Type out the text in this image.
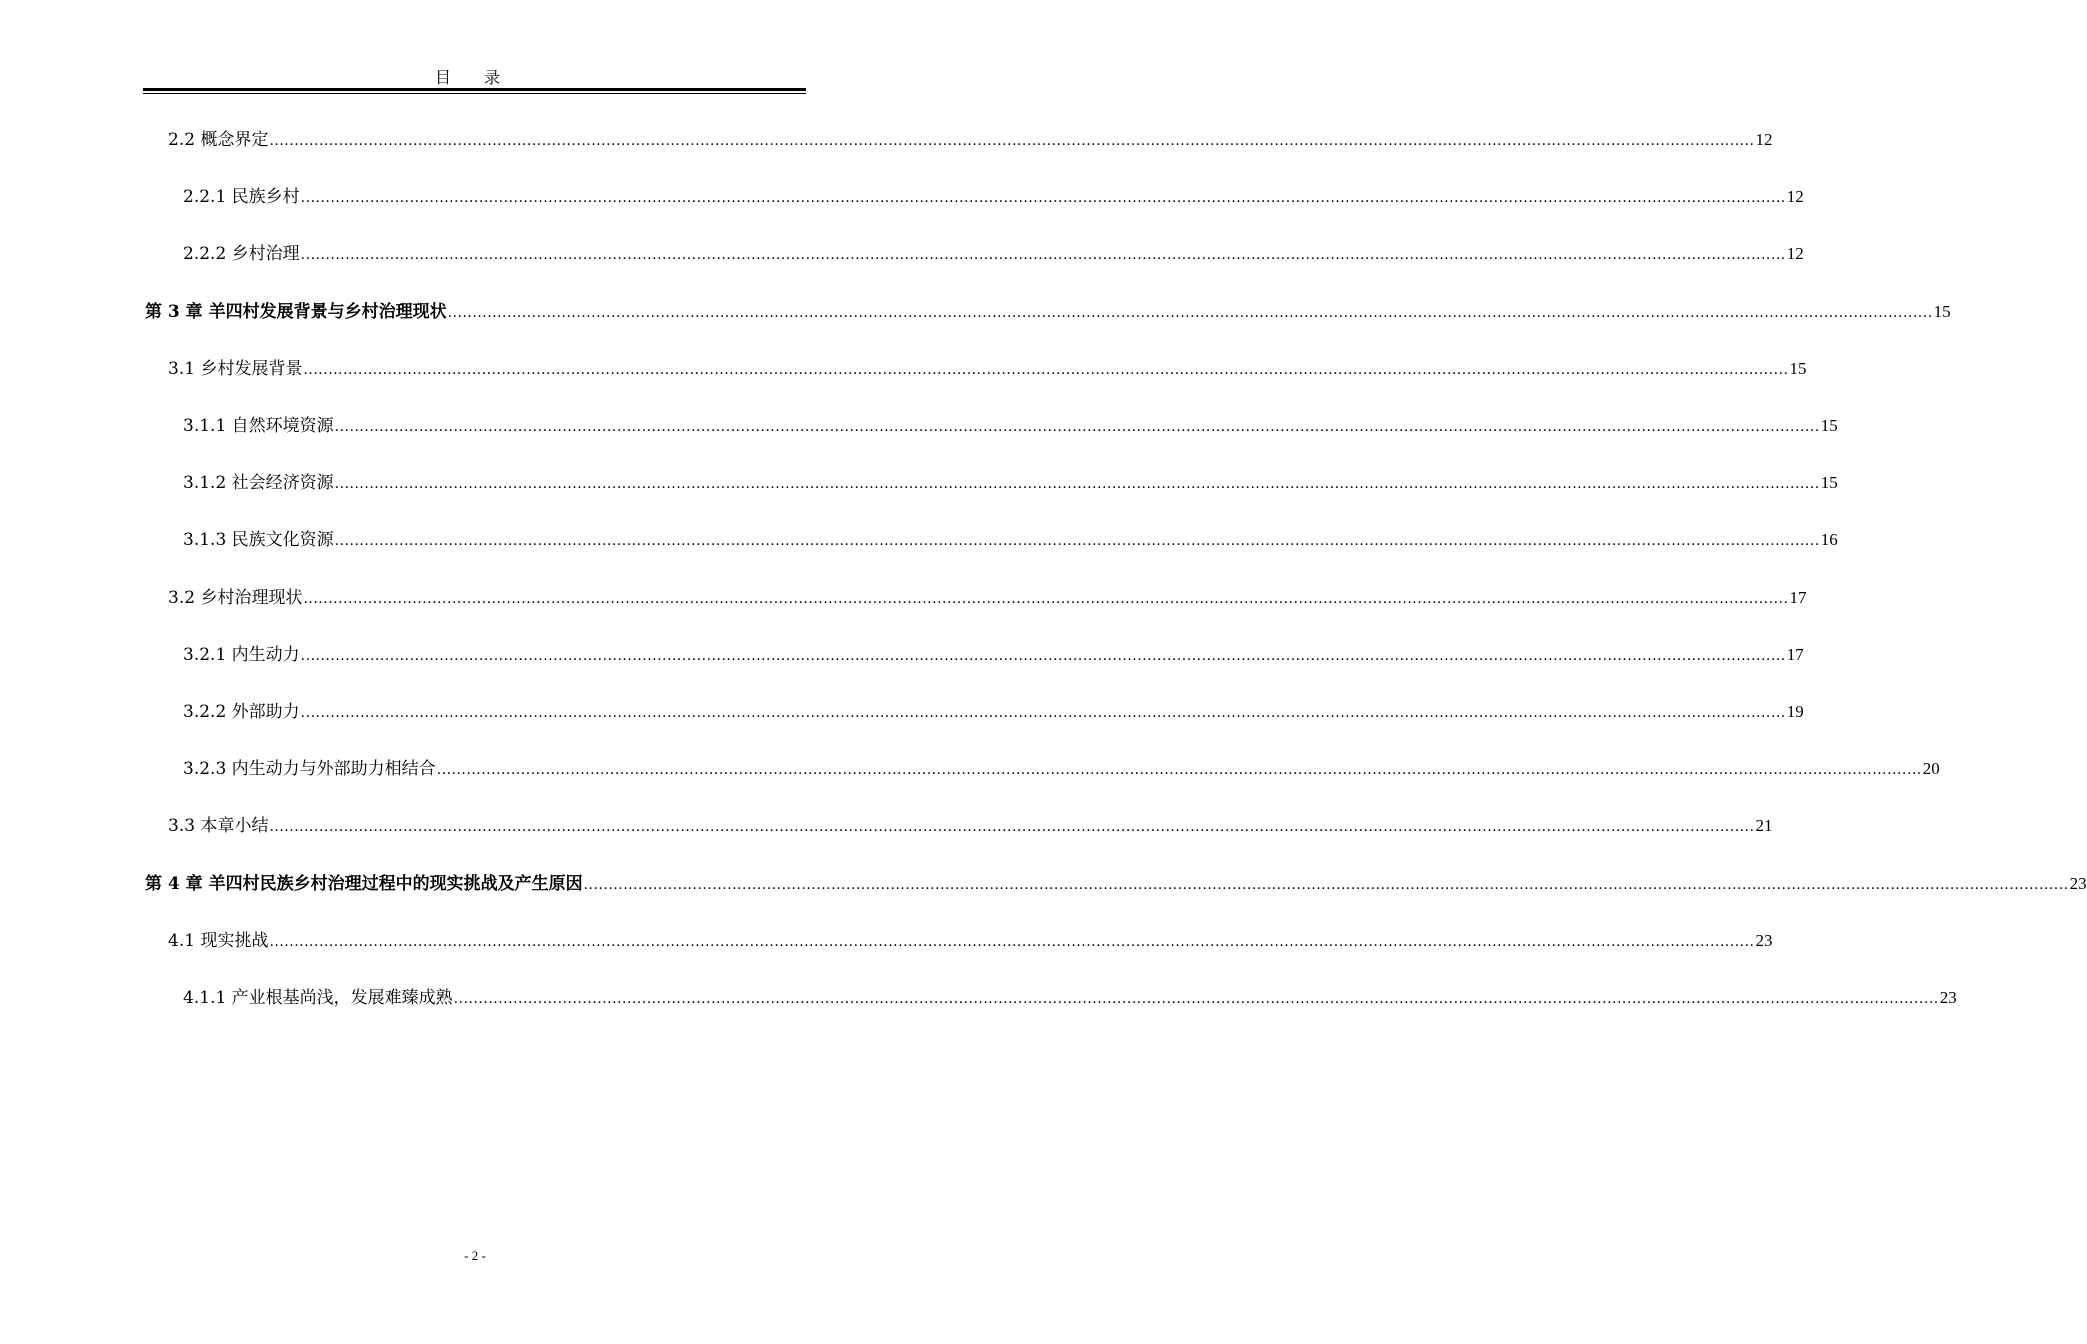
目 录
2.2 概念界定 ............................................................................................................................................................................................................................................................................................................ 12
2.2.1 民族乡村 ............................................................................................................................................................................................................................................................................................................ 12
2.2.2 乡村治理 ............................................................................................................................................................................................................................................................................................................ 12
第 3 章 羊四村发展背景与乡村治理现状 ............................................................................................................................................................................................................................................................................................................ 15
3.1 乡村发展背景 ............................................................................................................................................................................................................................................................................................................ 15
3.1.1 自然环境资源 ............................................................................................................................................................................................................................................................................................................ 15
3.1.2 社会经济资源 ............................................................................................................................................................................................................................................................................................................ 15
3.1.3 民族文化资源 ............................................................................................................................................................................................................................................................................................................ 16
3.2 乡村治理现状 ............................................................................................................................................................................................................................................................................................................ 17
3.2.1 内生动力 ............................................................................................................................................................................................................................................................................................................ 17
3.2.2 外部助力 ............................................................................................................................................................................................................................................................................................................ 19
3.2.3 内生动力与外部助力相结合 ............................................................................................................................................................................................................................................................................................................ 20
3.3 本章小结 ............................................................................................................................................................................................................................................................................................................ 21
第 4 章 羊四村民族乡村治理过程中的现实挑战及产生原因 ............................................................................................................................................................................................................................................................................................................ 23
4.1 现实挑战 ............................................................................................................................................................................................................................................................................................................ 23
4.1.1 产业根基尚浅，发展难臻成熟 ............................................................................................................................................................................................................................................................................................................ 23
- 2 -
